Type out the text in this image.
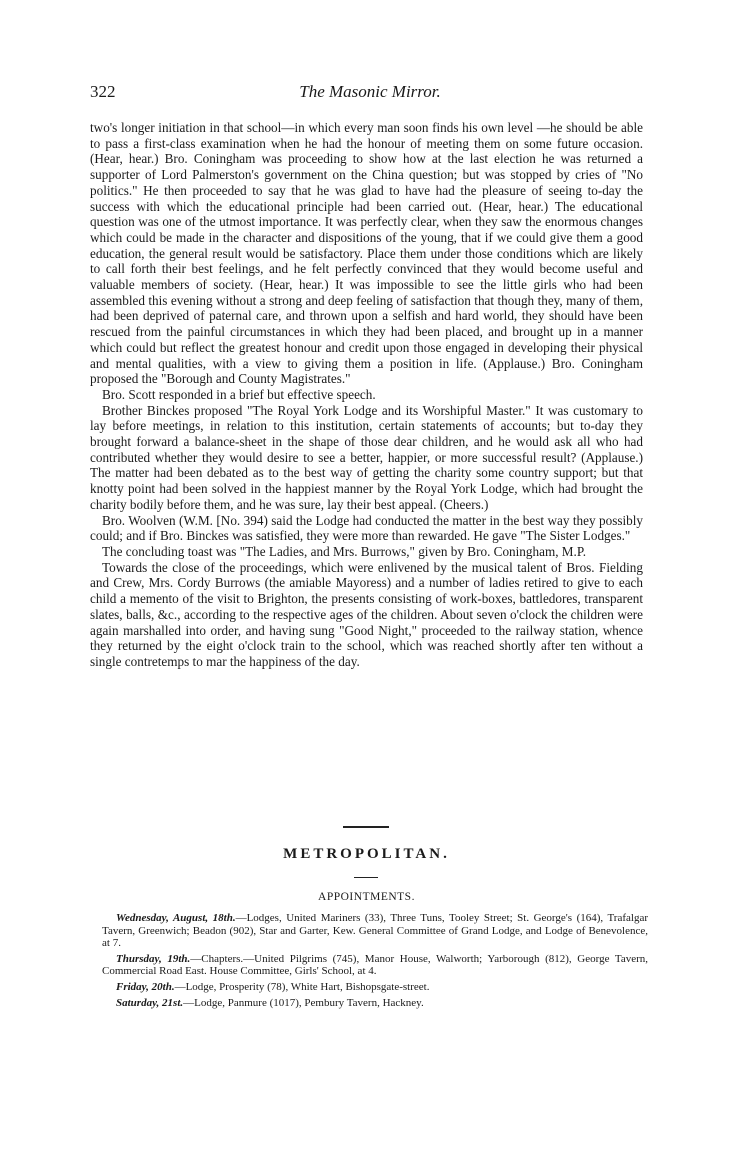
322	The Masonic Mirror.

two's longer initiation in that school—in which every man soon finds his own level —he should be able to pass a first-class examination when he had the honour of meeting them on some future occasion. (Hear, hear.) Bro. Coningham was proceeding to show how at the last election he was returned a supporter of Lord Palmerston's government on the China question; but was stopped by cries of "No politics." He then proceeded to say that he was glad to have had the pleasure of seeing to-day the success with which the educational principle had been carried out. (Hear, hear.) The educational question was one of the utmost importance. It was perfectly clear, when they saw the enormous changes which could be made in the character and dispositions of the young, that if we could give them a good education, the general result would be satisfactory. Place them under those conditions which are likely to call forth their best feelings, and he felt perfectly convinced that they would become useful and valuable members of society. (Hear, hear.) It was impossible to see the little girls who had been assembled this evening without a strong and deep feeling of satisfaction that though they, many of them, had been deprived of paternal care, and thrown upon a selfish and hard world, they should have been rescued from the painful circumstances in which they had been placed, and brought up in a manner which could but reflect the greatest honour and credit upon those engaged in developing their physical and mental qualities, with a view to giving them a position in life. (Applause.) Bro. Coningham proposed the "Borough and County Magistrates."

Bro. Scott responded in a brief but effective speech.

Brother Binckes proposed "The Royal York Lodge and its Worshipful Master." It was customary to lay before meetings, in relation to this institution, certain statements of accounts; but to-day they brought forward a balance-sheet in the shape of those dear children, and he would ask all who had contributed whether they would desire to see a better, happier, or more successful result? (Applause.) The matter had been debated as to the best way of getting the charity some country support; but that knotty point had been solved in the happiest manner by the Royal York Lodge, which had brought the charity bodily before them, and he was sure, lay their best appeal. (Cheers.)

Bro. Woolven (W.M. [No. 394) said the Lodge had conducted the matter in the best way they possibly could; and if Bro. Binckes was satisfied, they were more than rewarded. He gave "The Sister Lodges."

The concluding toast was "The Ladies, and Mrs. Burrows," given by Bro. Coningham, M.P.

Towards the close of the proceedings, which were enlivened by the musical talent of Bros. Fielding and Crew, Mrs. Cordy Burrows (the amiable Mayoress) and a number of ladies retired to give to each child a memento of the visit to Brighton, the presents consisting of work-boxes, battledores, transparent slates, balls, &c., according to the respective ages of the children. About seven o'clock the children were again marshalled into order, and having sung "Good Night," proceeded to the railway station, whence they returned by the eight o'clock train to the school, which was reached shortly after ten without a single contretemps to mar the happiness of the day.

METROPOLITAN.
APPOINTMENTS.

Wednesday, August, 18th.—Lodges, United Mariners (33), Three Tuns, Tooley Street; St. George's (164), Trafalgar Tavern, Greenwich; Beadon (902), Star and Garter, Kew. General Committee of Grand Lodge, and Lodge of Benevolence, at 7.

Thursday, 19th.—Chapters.—United Pilgrims (745), Manor House, Walworth; Yarborough (812), George Tavern, Commercial Road East. House Committee, Girls' School, at 4.

Friday, 20th.—Lodge, Prosperity (78), White Hart, Bishopsgate-street.

Saturday, 21st.—Lodge, Panmure (1017), Pembury Tavern, Hackney.
